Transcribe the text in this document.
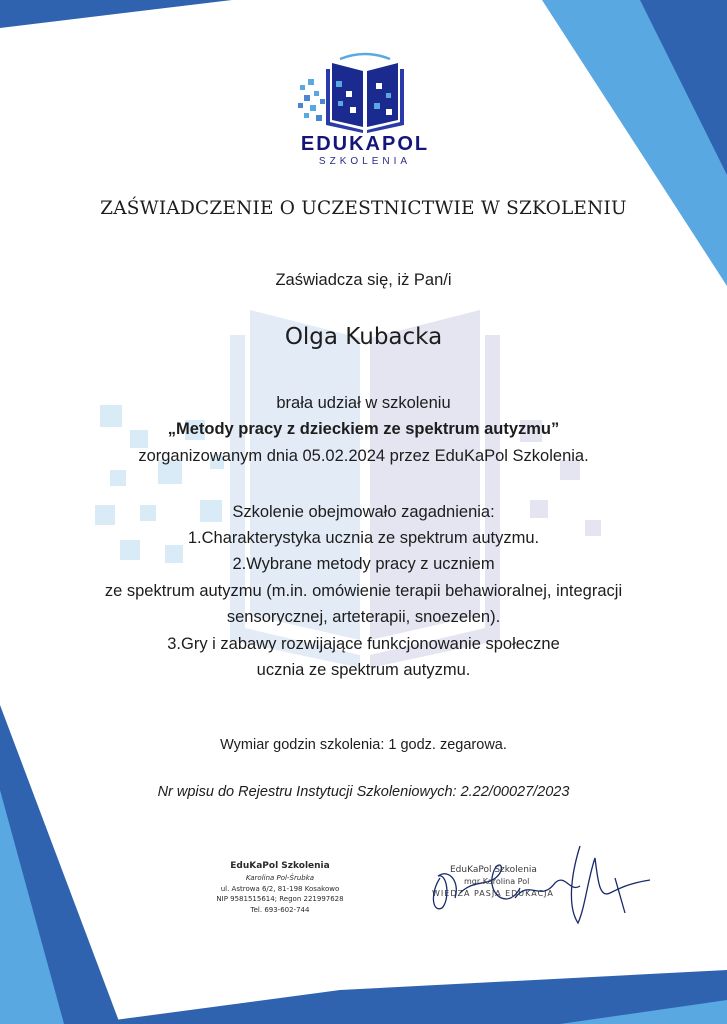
EDUKAPOL
SZKOLENIA
ZAŚWIADCZENIE O UCZESTNICTWIE W SZKOLENIU
Zaświadcza się, iż Pan/i
Olga Kubacka
brała udział w szkoleniu
„Metody pracy z dzieckiem ze spektrum autyzmu”
zorganizowanym dnia 05.02.2024 przez EduKaPol Szkolenia.
Szkolenie obejmowało zagadnienia:
1.Charakterystyka ucznia ze spektrum autyzmu.
2.Wybrane metody pracy z uczniem
ze spektrum autyzmu (m.in. omówienie terapii behawioralnej, integracji
sensorycznej, arteterapii, snoezelen).
3.Gry i zabawy rozwijające funkcjonowanie społeczne
ucznia ze spektrum autyzmu.
Wymiar godzin szkolenia: 1 godz. zegarowa.
Nr wpisu do Rejestru Instytucji Szkoleniowych: 2.22/00027/2023
EduKaPol Szkolenia
Karolina Pol-Śrubka
ul. Astrowa 6/2, 81-198 Kosakowo
NIP 9581515614; Regon 221997628
Tel. 693-602-744
EduKaPol Szkolenia
mgr Karolina Pol
WIEDZA PASJA EDUKACJA
